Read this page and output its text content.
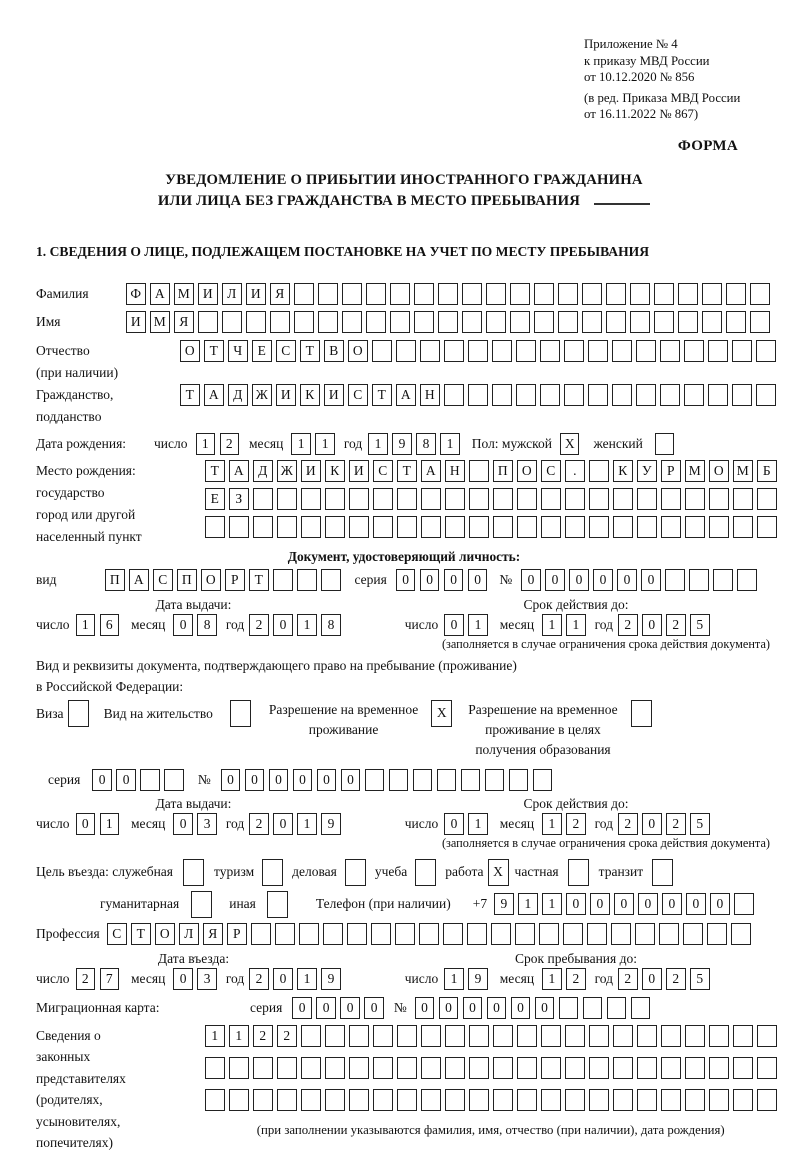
Приложение № 4
к приказу МВД России
от 10.12.2020 № 856
(в ред. Приказа МВД России
от 16.11.2022 № 867)
ФОРМА
УВЕДОМЛЕНИЕ О ПРИБЫТИИ ИНОСТРАННОГО ГРАЖДАНИНА
ИЛИ ЛИЦА БЕЗ ГРАЖДАНСТВА В МЕСТО ПРЕБЫВАНИЯ
1. СВЕДЕНИЯ О ЛИЦЕ, ПОДЛЕЖАЩЕМ ПОСТАНОВКЕ НА УЧЕТ ПО МЕСТУ ПРЕБЫВАНИЯ
Фамилия	Ф	А М И	Л	И	Я
Имя	И М Я
Отчество
(при наличии)
О	Т	Ч	Е	С	Т	В	О
Гражданство,
подданство
Т	А	Д Ж И	К	И	С	Т	А	Н
Дата рождения:	число	1	2	месяц	1	1	год 1	9	8	1	Пол: мужской X	женский
Место рождения:
государство
город или другой
населенный пункт
Т	А	Д Ж И	К	И	С	Т	А	Н	П	О	С	.	К	У	Р	М О М	Б
Е	З
Документ, удостоверяющий личность:
вид	П	А	С	П	О	Р	Т	серия	0	0	0	0	№	0	0	0	0	0	0
Дата выдачи:	Срок действия до:
число 1	6	месяц	0	8	год 2	0	1	8	число 0	1	месяц	1	1	год 2	0	2	5
(заполняется в случае ограничения срока действия документа)
Вид и реквизиты документа, подтверждающего право на пребывание (проживание)
в Российской Федерации:
Виза	Вид на жительство	Разрешение на временное
проживание
X	Разрешение на временное
проживание в целях
получения образования
серия	0	0	№	0	0	0	0	0	0
Дата выдачи:	Срок действия до:
число 0	1	месяц	0	3	год 2	0	1	9	число 0	1	месяц	1	2	год 2	0	2	5
(заполняется в случае ограничения срока действия документа)
Цель въезда: служебная	туризм	деловая	учеба	работа X частная	транзит
гуманитарная	иная	Телефон (при наличии) +7 9	1	1	0	0	0	0	0	0	0
Профессия С	Т	О	Л	Я	Р
Дата въезда:	Срок пребывания до:
число 2	7	месяц	0	3	год 2	0	1	9	число 1	9	месяц	1	2	год 2	0	2	5
Миграционная карта:	серия	0	0	0	0	№	0	0	0	0	0	0
Сведения о
законных
представителях
(родителях,
усыновителях,
попечителях)
1	1	2	2
(при заполнении указываются фамилия, имя, отчество (при наличии), дата рождения)
